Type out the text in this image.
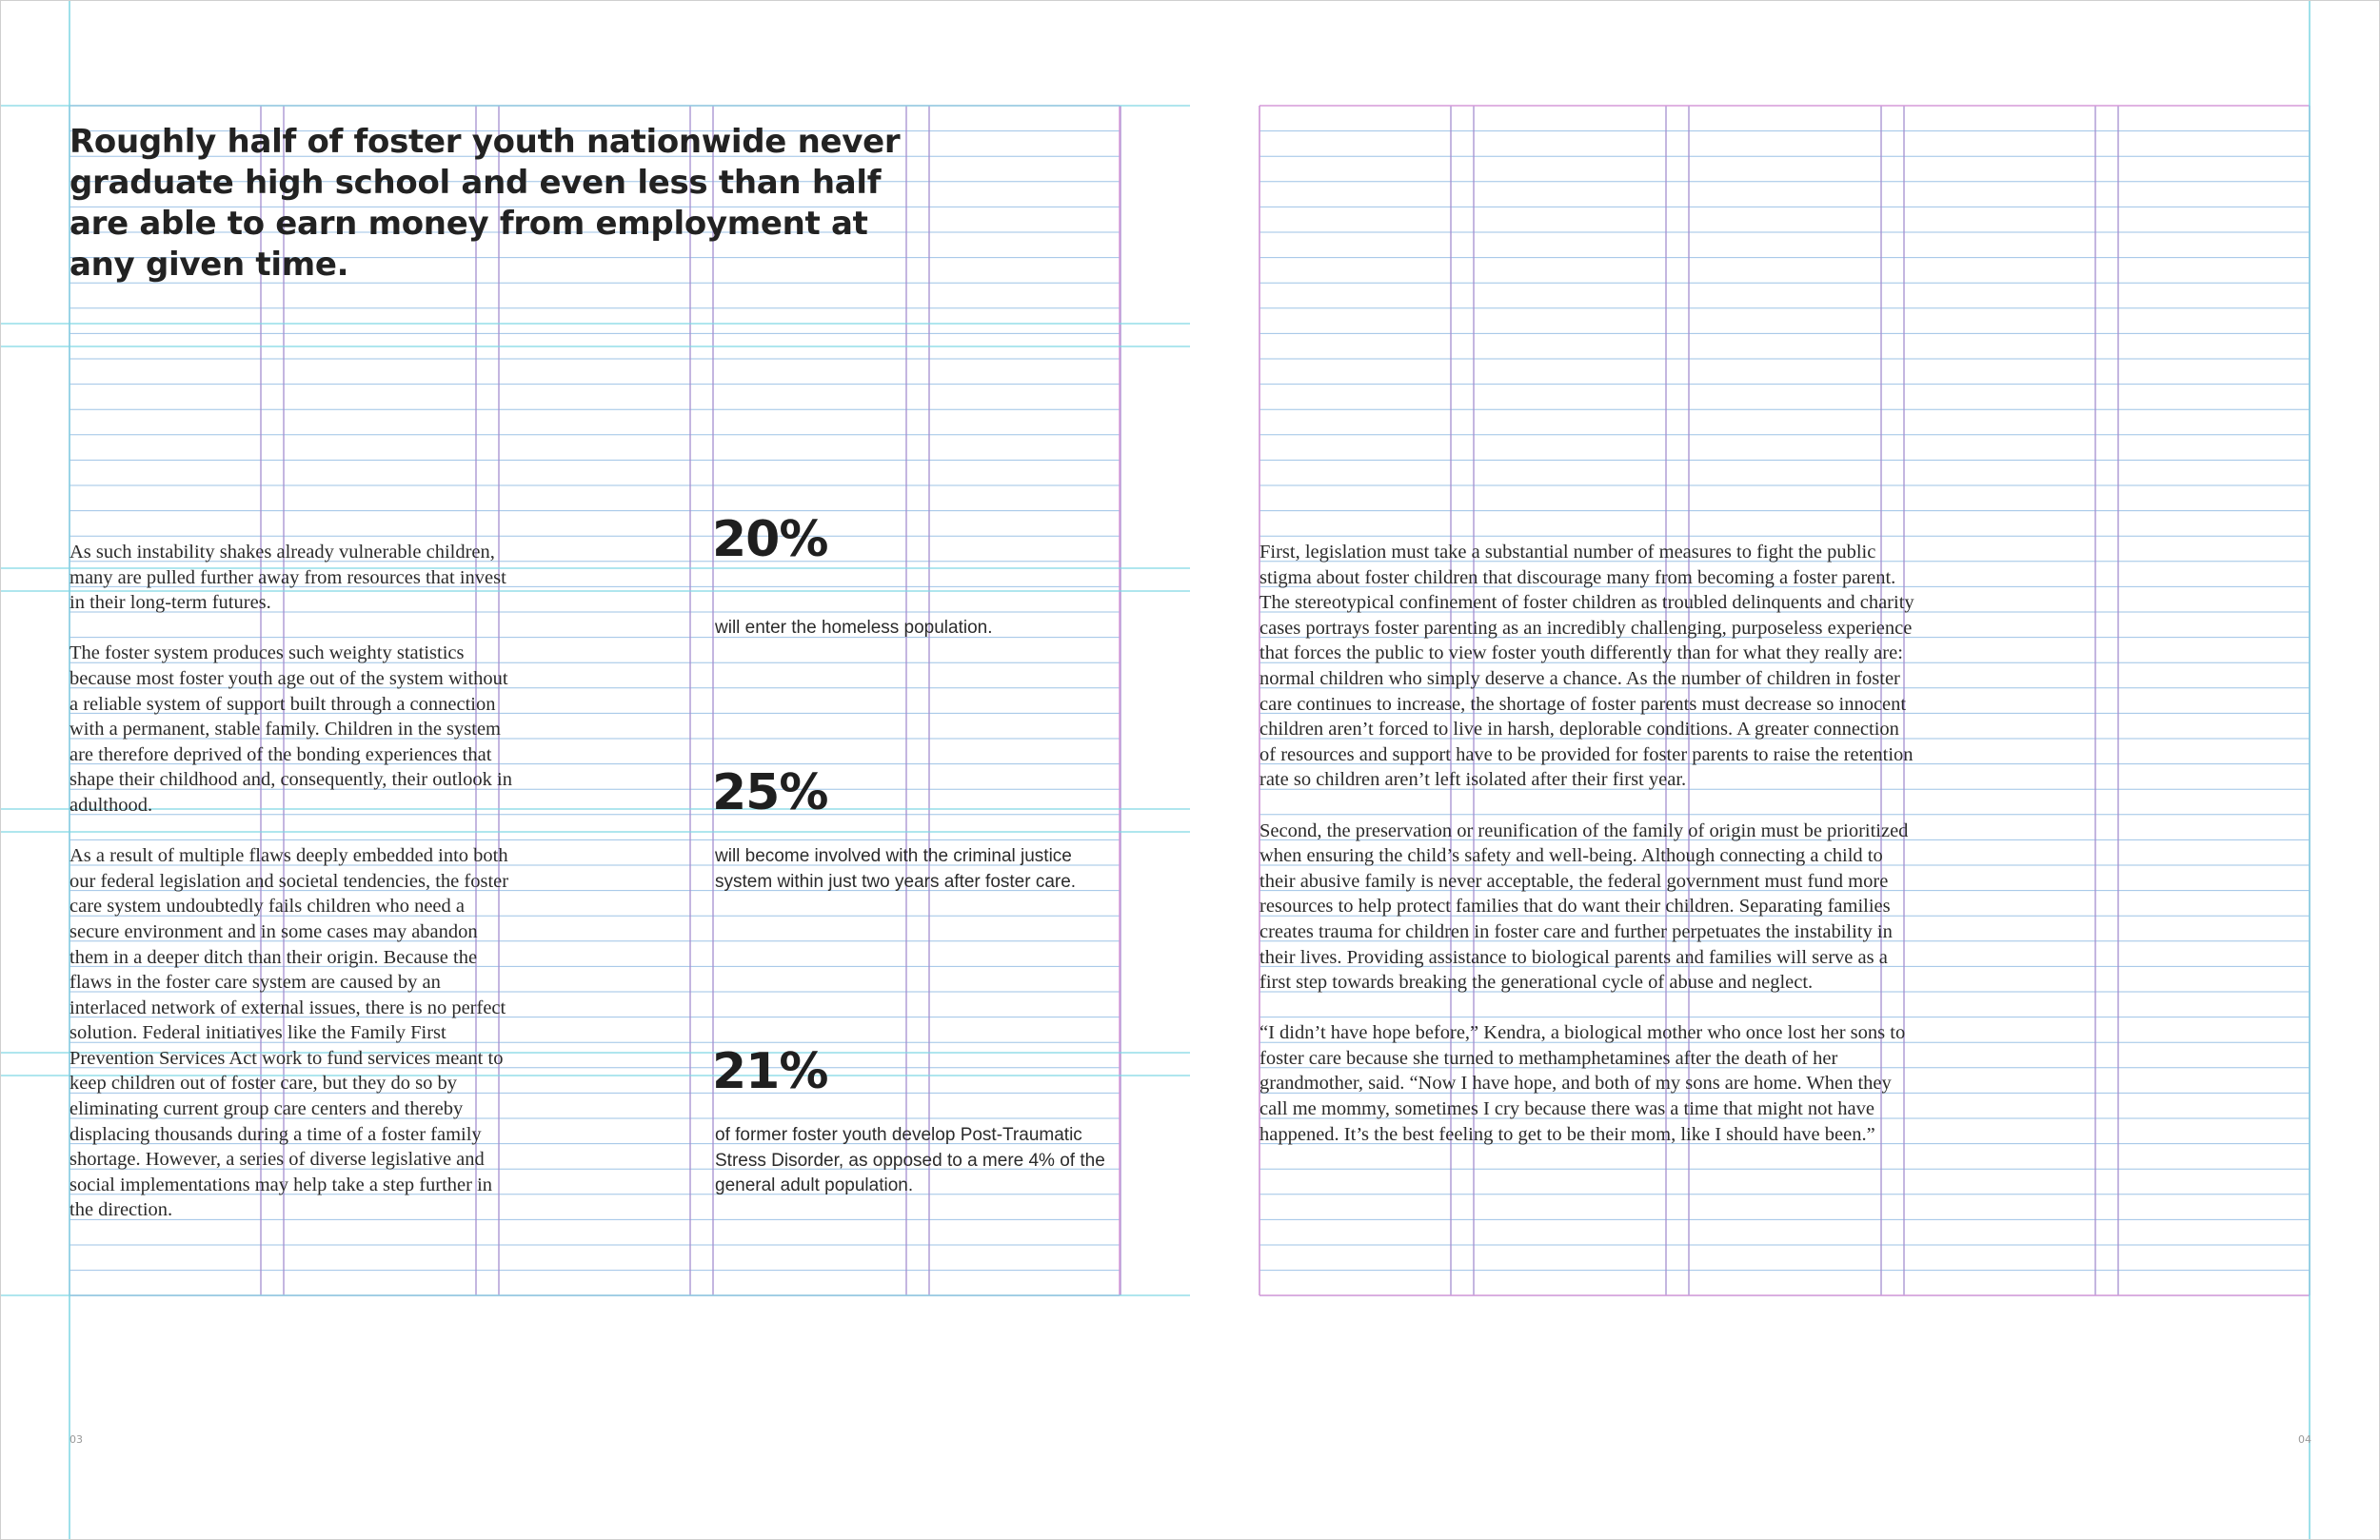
Roughly half of foster youth nationwide never graduate high school and even less than half are able to earn money from employment at any given time.

As such instability shakes already vulnerable children, many are pulled further away from resources that invest in their long-term futures.

The foster system produces such weighty statistics because most foster youth age out of the system without a reliable system of support built through a connection with a permanent, stable family. Children in the system are therefore deprived of the bonding experiences that shape their childhood and, consequently, their outlook in adulthood.

As a result of multiple flaws deeply embedded into both our federal legislation and societal tendencies, the foster care system undoubtedly fails children who need a secure environment and in some cases may abandon them in a deeper ditch than their origin. Because the flaws in the foster care system are caused by an interlaced network of external issues, there is no perfect solution. Federal initiatives like the Family First Prevention Services Act work to fund services meant to keep children out of foster care, but they do so by eliminating current group care centers and thereby displacing thousands during a time of a foster family shortage. However, a series of diverse legislative and social implementations may help take a step further in the direction.

20%

will enter the homeless population.

25%

will become involved with the criminal justice system within just two years after foster care.

21%

of former foster youth develop Post-Traumatic Stress Disorder, as opposed to a mere 4% of the general adult population.

First, legislation must take a substantial number of measures to fight the public stigma about foster children that discourage many from becoming a foster parent. The stereotypical confinement of foster children as troubled delinquents and charity cases portrays foster parenting as an incredibly challenging, purposeless experience that forces the public to view foster youth differently than for what they really are: normal children who simply deserve a chance. As the number of children in foster care continues to increase, the shortage of foster parents must decrease so innocent children aren’t forced to live in harsh, deplorable conditions. A greater connection of resources and support have to be provided for foster parents to raise the retention rate so children aren’t left isolated after their first year.

Second, the preservation or reunification of the family of origin must be prioritized when ensuring the child’s safety and well-being. Although connecting a child to their abusive family is never acceptable, the federal government must fund more resources to help protect families that do want their children. Separating families creates trauma for children in foster care and further perpetuates the instability in their lives. Providing assistance to biological parents and families will serve as a first step towards breaking the generational cycle of abuse and neglect.

“I didn’t have hope before,” Kendra, a biological mother who once lost her sons to foster care because she turned to methamphetamines after the death of her grandmother, said. “Now I have hope, and both of my sons are home. When they call me mommy, sometimes I cry because there was a time that might not have happened. It’s the best feeling to get to be their mom, like I should have been.”

03	04
